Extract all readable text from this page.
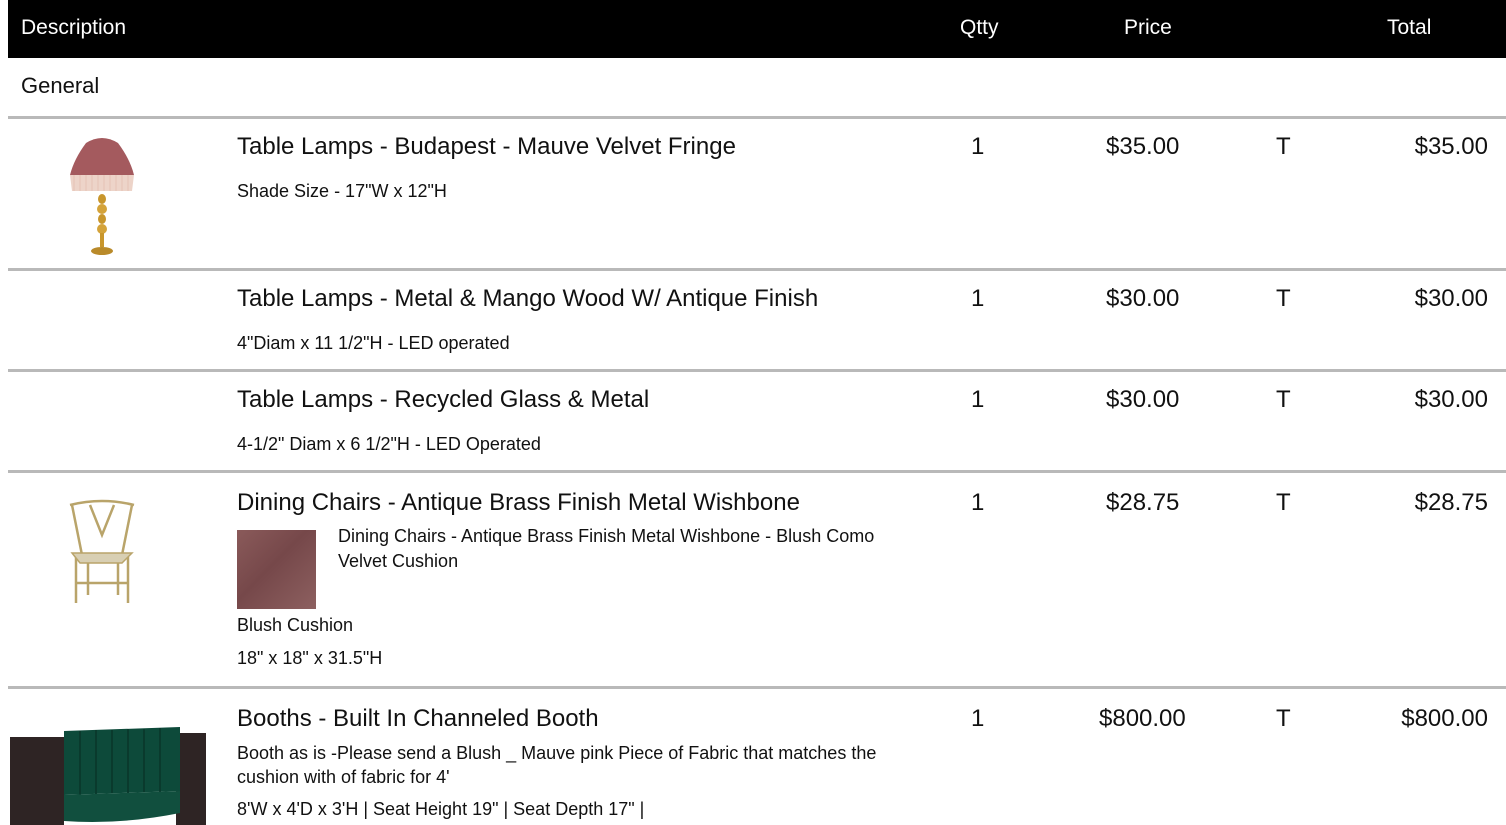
Description	Qtty	Price	Total
General
Table Lamps - Budapest - Mauve Velvet Fringe
Shade Size - 17"W x 12"H
1	$35.00	T	$35.00
Table Lamps - Metal & Mango Wood W/ Antique Finish
4"Diam x 11 1/2"H - LED operated
1	$30.00	T	$30.00
Table Lamps - Recycled Glass & Metal
4-1/2" Diam x 6 1/2"H - LED Operated
1	$30.00	T	$30.00
Dining Chairs - Antique Brass Finish Metal Wishbone
Dining Chairs - Antique Brass Finish Metal Wishbone - Blush Como Velvet Cushion
Blush Cushion
18" x 18" x 31.5"H
1	$28.75	T	$28.75
Booths - Built In Channeled Booth
Booth as is -Please send a Blush _ Mauve pink Piece of Fabric that matches the cushion with of fabric for 4'
8'W x 4'D x 3'H | Seat Height 19" | Seat Depth 17" |
1	$800.00	T	$800.00
